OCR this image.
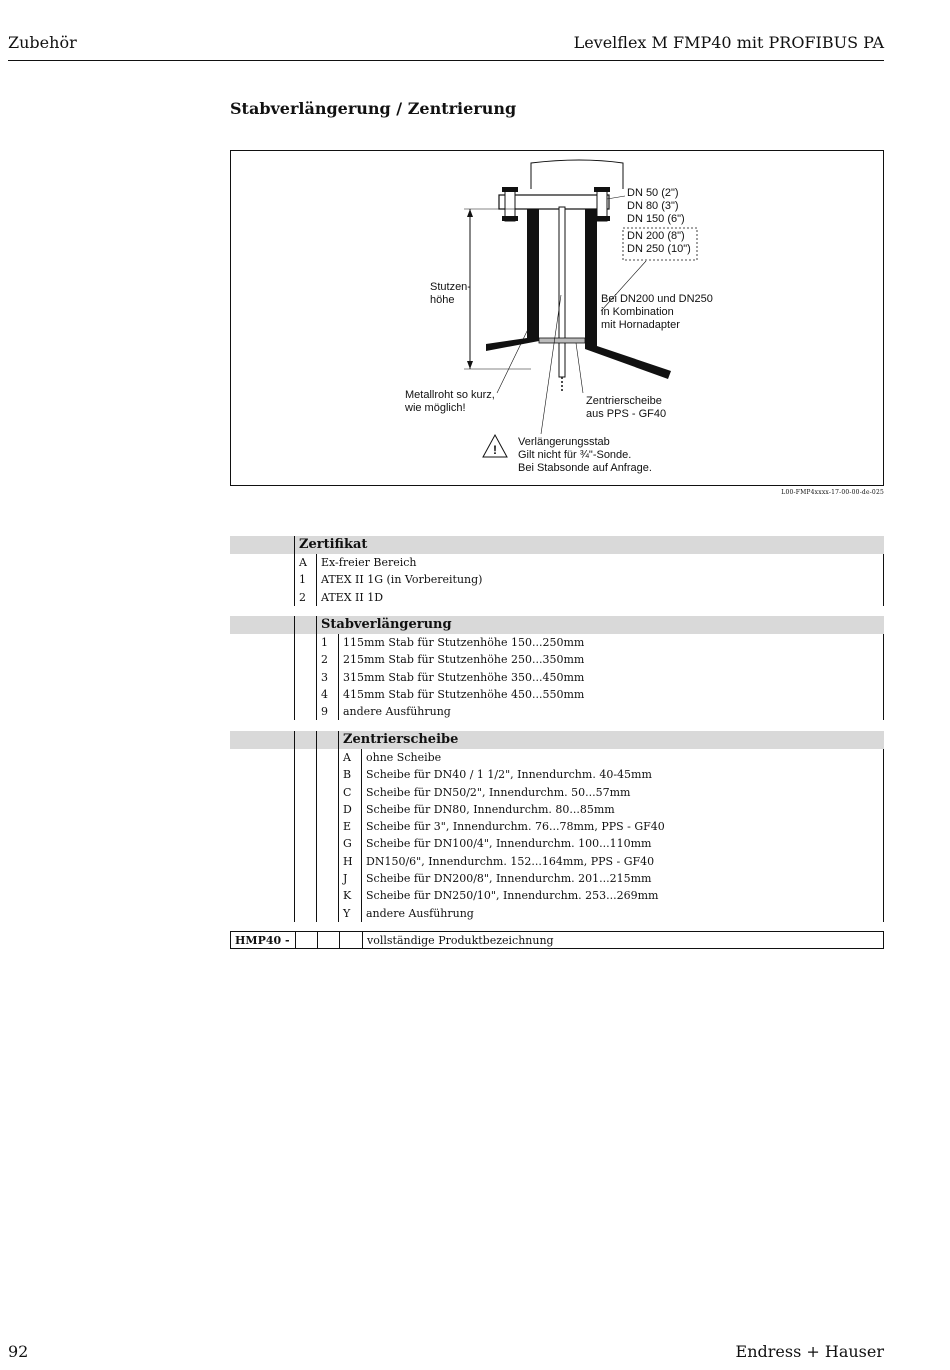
Zubehör	Levelflex M FMP40 mit PROFIBUS PA
Stabverlängerung / Zentrierung
!
DN 50 (2")
DN 80 (3")
DN 150 (6")
DN 200 (8")
DN 250 (10")
Stutzen-
höhe	Bei DN200 und DN250
in Kombination
mit Hornadapter
Metallroht so kurz,
wie möglich!
Zentrierscheibe
aus PPS - GF40
Verlängerungsstab
Gilt nicht für ¾"-Sonde.
Bei Stabsonde auf Anfrage.
L00-FMP4xxxx-17-00-00-de-025
Zertifikat
A Ex-freier Bereich
1 ATEX II 1G (in Vorbereitung)
2 ATEX II 1D
Stabverlängerung
1 115mm Stab für Stutzenhöhe 150...250mm
2 215mm Stab für Stutzenhöhe 250...350mm
3 315mm Stab für Stutzenhöhe 350...450mm
4 415mm Stab für Stutzenhöhe 450...550mm
9 andere Ausführung
Zentrierscheibe
A ohne Scheibe
B Scheibe für DN40 / 1 1/2", Innendurchm. 40-45mm
C Scheibe für DN50/2", Innendurchm. 50...57mm
D Scheibe für DN80, Innendurchm. 80...85mm
E Scheibe für 3", Innendurchm. 76...78mm, PPS - GF40
G Scheibe für DN100/4", Innendurchm. 100...110mm
H DN150/6", Innendurchm. 152...164mm, PPS - GF40
J Scheibe für DN200/8", Innendurchm. 201...215mm
K Scheibe für DN250/10", Innendurchm. 253...269mm
Y andere Ausführung
HMP40 -	vollständige Produktbezeichnung
92	Endress + Hauser
